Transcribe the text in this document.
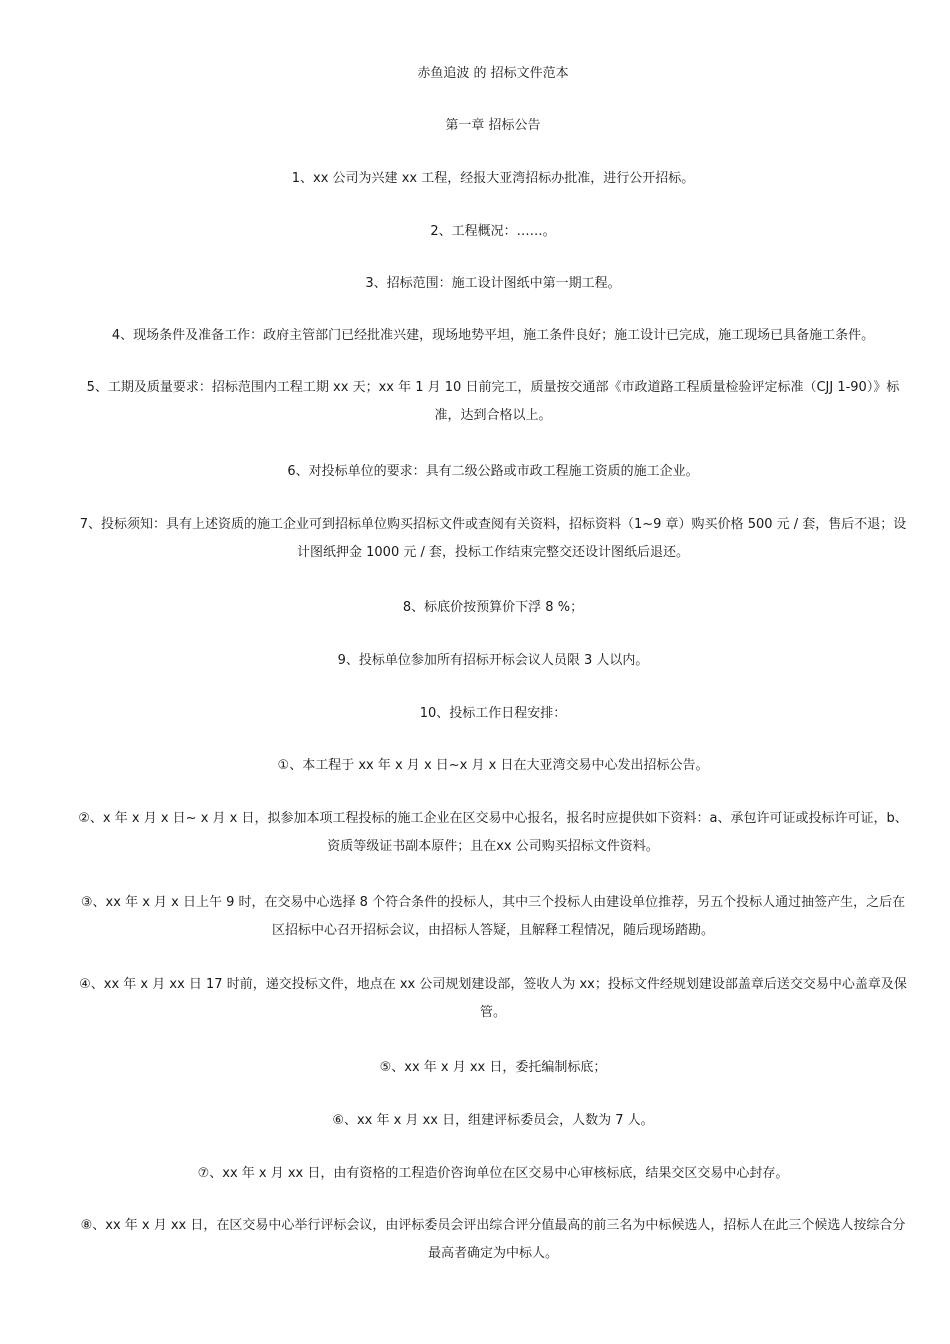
赤鱼追波 的 招标文件范本
第一章 招标公告
1、xx 公司为兴建 xx 工程，经报大亚湾招标办批准，进行公开招标。
2、工程概况：……。
3、招标范围：施工设计图纸中第一期工程。
4、现场条件及准备工作：政府主管部门已经批准兴建，现场地势平坦，施工条件良好；施工设计已完成，施工现场已具备施工条件。
5、工期及质量要求：招标范围内工程工期 xx 天；xx 年 1 月 10 日前完工，质量按交通部《市政道路工程质量检验评定标准（CJJ 1-90）》标准，达到合格以上。
6、对投标单位的要求：具有二级公路或市政工程施工资质的施工企业。
7、投标须知：具有上述资质的施工企业可到招标单位购买招标文件或查阅有关资料，招标资料（1~9 章）购买价格 500 元 / 套，售后不退；设计图纸押金 1000 元 / 套，投标工作结束完整交还设计图纸后退还。
8、标底价按预算价下浮 8 %；
9、投标单位参加所有招标开标会议人员限 3 人以内。
10、投标工作日程安排：
①、本工程于 xx 年 x 月 x 日~x 月 x 日在大亚湾交易中心发出招标公告。
②、x 年 x 月 x 日~ x 月 x 日，拟参加本项工程投标的施工企业在区交易中心报名，报名时应提供如下资料：a、承包许可证或投标许可证，b、资质等级证书副本原件；且在xx 公司购买招标文件资料。
③、xx 年 x 月 x 日上午 9 时，在交易中心选择 8 个符合条件的投标人，其中三个投标人由建设单位推荐，另五个投标人通过抽签产生，之后在区招标中心召开招标会议，由招标人答疑，且解释工程情况，随后现场踏勘。
④、xx 年 x 月 xx 日 17 时前，递交投标文件，地点在 xx 公司规划建设部，签收人为 xx；投标文件经规划建设部盖章后送交交易中心盖章及保管。
⑤、xx 年 x 月 xx 日，委托编制标底；
⑥、xx 年 x 月 xx 日，组建评标委员会，人数为 7 人。
⑦、xx 年 x 月 xx 日，由有资格的工程造价咨询单位在区交易中心审核标底，结果交区交易中心封存。
⑧、xx 年 x 月 xx 日，在区交易中心举行评标会议，由评标委员会评出综合评分值最高的前三名为中标候选人，招标人在此三个候选人按综合分最高者确定为中标人。
